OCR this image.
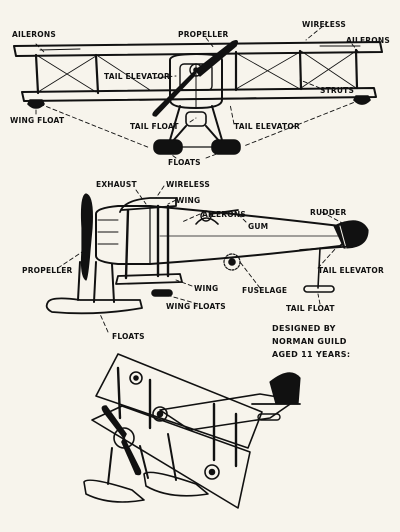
AILERONS	PROPELLER

WIRELESS

AILERONS

TAIL ELEVATOR

STRUTS

WING FLOAT

TAIL FLOAT	TAIL ELEVATOR

FLOATS

EXHAUST	WIRELESS

WING

AILERONS

GUM

RUDDER

PROPELLER

WING	FUSELAGE

TAIL ELEVATOR

WING FLOATS	TAIL FLOAT

FLOATS

DESIGNED BY

NORMAN GUILD

AGED 11 YEARS:
